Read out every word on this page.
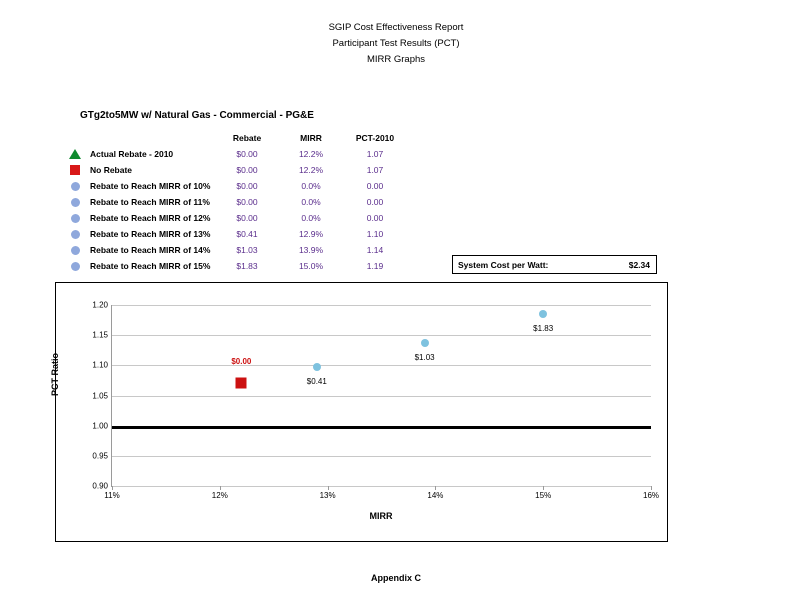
SGIP Cost Effectiveness Report
Participant Test Results (PCT)
MIRR Graphs
GTg2to5MW w/ Natural Gas - Commercial - PG&E
		Rebate	MIRR	PCT-2010
	Actual Rebate - 2010	$0.00	12.2%	1.07
	No Rebate	$0.00	12.2%	1.07
	Rebate to Reach MIRR of 10%	$0.00	0.0%	0.00
	Rebate to Reach MIRR of 11%	$0.00	0.0%	0.00
	Rebate to Reach MIRR of 12%	$0.00	0.0%	0.00
	Rebate to Reach MIRR of 13%	$0.41	12.9%	1.10
	Rebate to Reach MIRR of 14%	$1.03	13.9%	1.14
	Rebate to Reach MIRR of 15%	$1.83	15.0%	1.19	System Cost per Watt:	$2.34
PCT Ratio
0.90
0.95
1.00
1.05
1.10
1.15
1.20
11%	12%	13%	14%	15%	16%
$0.00
$0.41
$1.03
$1.83
MIRR
Appendix C
